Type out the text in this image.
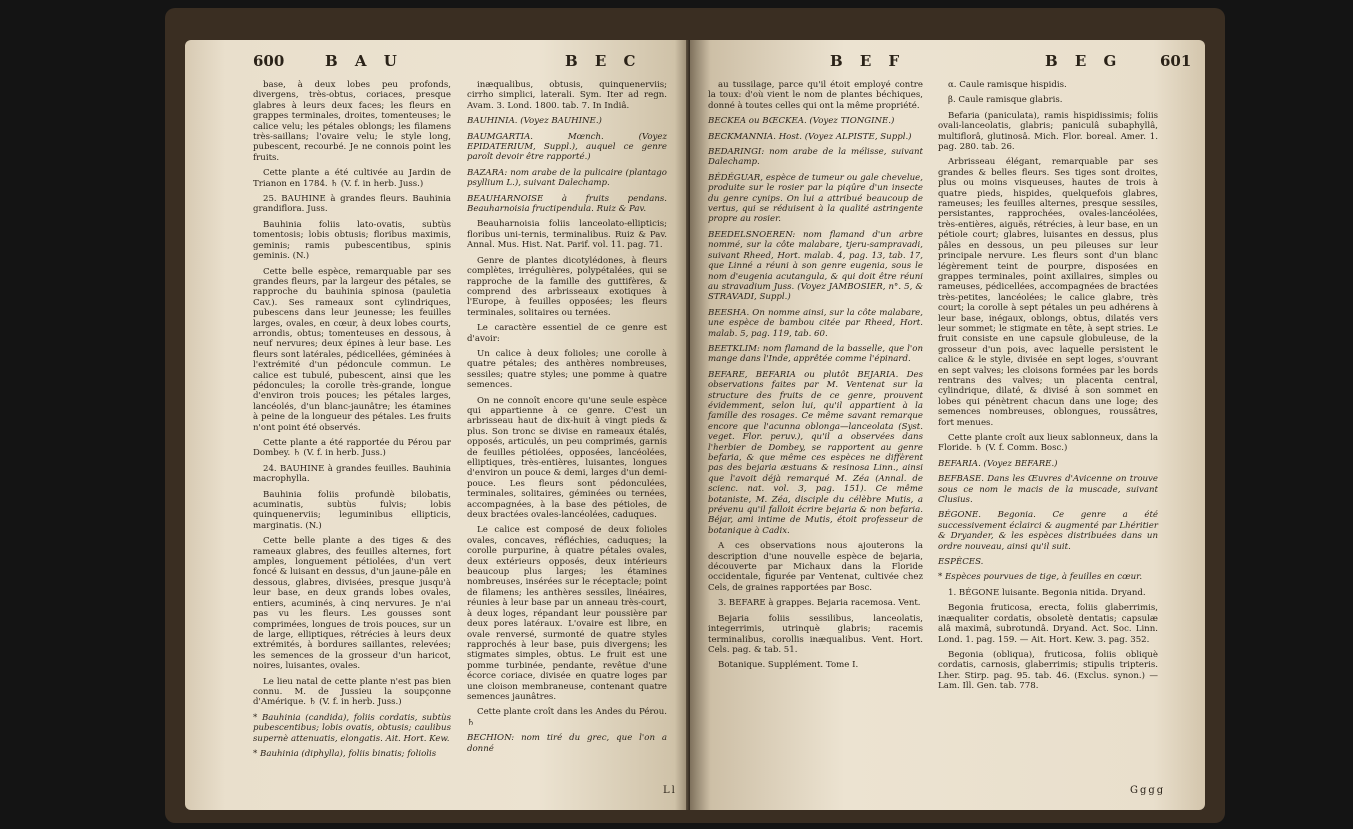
600	B A U	B E C

base, à deux lobes peu profonds, divergens, très-obtus, coriaces, presque glabres à leurs deux faces; les fleurs en grappes terminales, droites, tomenteuses; le calice velu; les pétales oblongs; les filamens très-saillans; l'ovaire velu; le style long, pubescent, recourbé. Je ne connois point les fruits.

Cette plante a été cultivée au Jardin de Trianon en 1784. ♄ (V. f. in herb. Juss.)

25. BAUHINE à grandes fleurs. Bauhinia grandiflora. Juss.

Bauhinia foliis lato-ovatis, subtùs tomentosis; lobis obtusis; floribus maximis, geminis; ramis pubescentibus, spinis geminis. (N.)

Cette belle espèce, remarquable par ses grandes fleurs, par la largeur des pétales, se rapproche du bauhinia spinosa (pauletia Cav.). Ses rameaux sont cylindriques, pubescens dans leur jeunesse; les feuilles larges, ovales, en cœur, à deux lobes courts, arrondis, obtus; tomenteuses en dessous, à neuf nervures; deux épines à leur base. Les fleurs sont latérales, pédicellées, géminées à l'extrémité d'un pédoncule commun. Le calice est tubulé, pubescent, ainsi que les pédoncules; la corolle très-grande, longue d'environ trois pouces; les pétales larges, lancéolés, d'un blanc-jaunâtre; les étamines à peine de la longueur des pétales. Les fruits n'ont point été observés.

Cette plante a été rapportée du Pérou par Dombey. ♄ (V. f. in herb. Juss.)

24. BAUHINE à grandes feuilles. Bauhinia macrophylla.

Bauhinia foliis profundè bilobatis, acuminatis, subtùs fulvis; lobis quinquenerviis; leguminibus ellipticis, marginatis. (N.)

Cette belle plante a des tiges & des rameaux glabres, des feuilles alternes, fort amples, longuement pétiolées, d'un vert foncé & luisant en dessus, d'un jaune-pâle en dessous, glabres, divisées, presque jusqu'à leur base, en deux grands lobes ovales, entiers, acuminés, à cinq nervures. Je n'ai pas vu les fleurs. Les gousses sont comprimées, longues de trois pouces, sur un de large, elliptiques, rétrécies à leurs deux extrémités, à bordures saillantes, relevées; les semences de la grosseur d'un haricot, noires, luisantes, ovales.

Le lieu natal de cette plante n'est pas bien connu. M. de Jussieu la soupçonne d'Amérique. ♄ (V. f. in herb. Juss.)

* Bauhinia (candida), foliis cordatis, subtùs pubescentibus; lobis ovatis, obtusis; caulibus supernè attenuatis, elongatis. Ait. Hort. Kew.

* Bauhinia (diphylla), foliis binatis; foliolis

inæqualibus, obtusis, quinquenerviis; cirrho simplici, laterali. Sym. Iter ad regn. Avam. 3. Lond. 1800. tab. 7. In Indiâ.

BAUHINIA. (Voyez BAUHINE.)

BAUMGARTIA. Mœnch. (Voyez EPIDATERIUM, Suppl.), auquel ce genre paroît devoir être rapporté.)

BAZARA: nom arabe de la pulicaire (plantago psyllium L.), suivant Dalechamp.

BEAUHARNOISE à fruits pendans. Beauharnoisia fructipendula. Ruiz & Pav.

Beauharnoisia foliis lanceolato-ellipticis; floribus uni-ternis, terminalibus. Ruiz & Pav. Annal. Mus. Hist. Nat. Parif. vol. 11. pag. 71.

Genre de plantes dicotylédones, à fleurs complètes, irrégulières, polypétalées, qui se rapproche de la famille des guttifères, & comprend des arbrisseaux exotiques à l'Europe, à feuilles opposées; les fleurs terminales, solitaires ou ternées.

Le caractère essentiel de ce genre est d'avoir:

Un calice à deux folioles; une corolle à quatre pétales; des anthères nombreuses, sessiles; quatre styles; une pomme à quatre semences.

On ne connoît encore qu'une seule espèce qui appartienne à ce genre. C'est un arbrisseau haut de dix-huit à vingt pieds & plus. Son tronc se divise en rameaux étalés, opposés, articulés, un peu comprimés, garnis de feuilles pétiolées, opposées, lancéolées, elliptiques, très-entières, luisantes, longues d'environ un pouce & demi, larges d'un demi-pouce. Les fleurs sont pédonculées, terminales, solitaires, géminées ou ternées, accompagnées, à la base des pétioles, de deux bractées ovales-lancéolées, caduques.

Le calice est composé de deux folioles ovales, concaves, réfléchies, caduques; la corolle purpurine, à quatre pétales ovales, deux extérieurs opposés, deux intérieurs beaucoup plus larges; les étamines nombreuses, insérées sur le réceptacle; point de filamens; les anthères sessiles, linéaires, réunies à leur base par un anneau très-court, à deux loges, répandant leur poussière par deux pores latéraux. L'ovaire est libre, en ovale renversé, surmonté de quatre styles rapprochés à leur base, puis divergens; les stigmates simples, obtus. Le fruit est une pomme turbinée, pendante, revêtue d'une écorce coriace, divisée en quatre loges par une cloison membraneuse, contenant quatre semences jaunâtres.

Cette plante croît dans les Andes du Pérou. ♄

BECHION: nom tiré du grec, que l'on a donné

Ll
B E F	B E G	601

au tussilage, parce qu'il étoit employé contre la toux: d'où vient le nom de plantes béchiques, donné à toutes celles qui ont la même propriété.

BECKEA ou BŒCKEA. (Voyez TIONGINE.)

BECKMANNIA. Host. (Voyez ALPISTE, Suppl.)

BEDARINGI: nom arabe de la mélisse, suivant Dalechamp.

BÉDÉGUAR, espèce de tumeur ou gale chevelue, produite sur le rosier par la piqûre d'un insecte du genre cynips. On lui a attribué beaucoup de vertus, qui se réduisent à la qualité astringente propre au rosier.

BEEDELSNOEREN: nom flamand d'un arbre nommé, sur la côte malabare, tjeru-sampravadi, suivant Rheed, Hort. malab. 4, pag. 13, tab. 17, que Linné a réuni à son genre eugenia, sous le nom d'eugenia acutangula, & qui doit être réuni au stravadium Juss. (Voyez JAMBOSIER, n°. 5, & STRAVADI, Suppl.)

BEESHA. On nomme ainsi, sur la côte malabare, une espèce de bambou citée par Rheed, Hort. malab. 5, pag. 119, tab. 60.

BEETKLIM: nom flamand de la basselle, que l'on mange dans l'Inde, apprêtée comme l'épinard.

BEFARE, BEFARIA ou plutôt BEJARIA. Des observations faites par M. Ventenat sur la structure des fruits de ce genre, prouvent évidemment, selon lui, qu'il appartient à la famille des rosages. Ce même savant remarque encore que l'acunna oblonga—lanceolata (Syst. veget. Flor. peruv.), qu'il a observées dans l'herbier de Dombey, se rapportent au genre befaria, & que même ces espèces ne diffèrent pas des bejaria æstuans & resinosa Linn., ainsi que l'avoit déjà remarqué M. Zéa (Annal. de scienc. nat. vol. 3, pag. 151). Ce même botaniste, M. Zéa, disciple du célèbre Mutis, a prévenu qu'il falloit écrire bejaria & non befaria. Béjar, ami intime de Mutis, étoit professeur de botanique à Cadix.

A ces observations nous ajouterons la description d'une nouvelle espèce de bejaria, découverte par Michaux dans la Floride occidentale, figurée par Ventenat, cultivée chez Cels, de graines rapportées par Bosc.

3. BEFARE à grappes. Bejaria racemosa. Vent.

Bejaria foliis sessilibus, lanceolatis, integerrimis, utrinquè glabris; racemis terminalibus, corollis inæqualibus. Vent. Hort. Cels. pag. & tab. 51.

Botanique. Supplément. Tome I.

α. Caule ramisque hispidis.

β. Caule ramisque glabris.

Befaria (paniculata), ramis hispidissimis; foliis ovali-lanceolatis, glabris; paniculâ subaphyllâ, multiflorâ, glutinosâ. Mich. Flor. boreal. Amer. 1. pag. 280. tab. 26.

Arbrisseau élégant, remarquable par ses grandes & belles fleurs. Ses tiges sont droites, plus ou moins visqueuses, hautes de trois à quatre pieds, hispides, quelquefois glabres, rameuses; les feuilles alternes, presque sessiles, persistantes, rapprochées, ovales-lancéolées, très-entières, aiguës, rétrécies, à leur base, en un pétiole court; glabres, luisantes en dessus, plus pâles en dessous, un peu pileuses sur leur principale nervure. Les fleurs sont d'un blanc légèrement teint de pourpre, disposées en grappes terminales, point axillaires, simples ou rameuses, pédicellées, accompagnées de bractées très-petites, lancéolées; le calice glabre, très court; la corolle à sept pétales un peu adhérens à leur base, inégaux, oblongs, obtus, dilatés vers leur sommet; le stigmate en tête, à sept stries. Le fruit consiste en une capsule globuleuse, de la grosseur d'un pois, avec laquelle persistent le calice & le style, divisée en sept loges, s'ouvrant en sept valves; les cloisons formées par les bords rentrans des valves; un placenta central, cylindrique, dilaté, & divisé à son sommet en lobes qui pénètrent chacun dans une loge; des semences nombreuses, oblongues, roussâtres, fort menues.

Cette plante croît aux lieux sablonneux, dans la Floride. ♄ (V. f. Comm. Bosc.)

BEFARIA. (Voyez BEFARE.)

BEFBASE. Dans les Œuvres d'Avicenne on trouve sous ce nom le macis de la muscade, suivant Clusius.

BÉGONE. Begonia. Ce genre a été successivement éclairci & augmenté par Lhéritier & Dryander, & les espèces distribuées dans un ordre nouveau, ainsi qu'il suit.

ESPÈCES.

* Espèces pourvues de tige, à feuilles en cœur.

1. BÉGONE luisante. Begonia nitida. Dryand.

Begonia fruticosa, erecta, foliis glaberrimis, inæqualiter cordatis, obsoletè dentatis; capsulæ alâ maximâ, subrotundâ. Dryand. Act. Soc. Linn. Lond. 1. pag. 159. — Ait. Hort. Kew. 3. pag. 352.

Begonia (obliqua), fruticosa, foliis obliquè cordatis, carnosis, glaberrimis; stipulis tripteris. Lher. Stirp. pag. 95. tab. 46. (Exclus. synon.) — Lam. Ill. Gen. tab. 778.

Gggg
